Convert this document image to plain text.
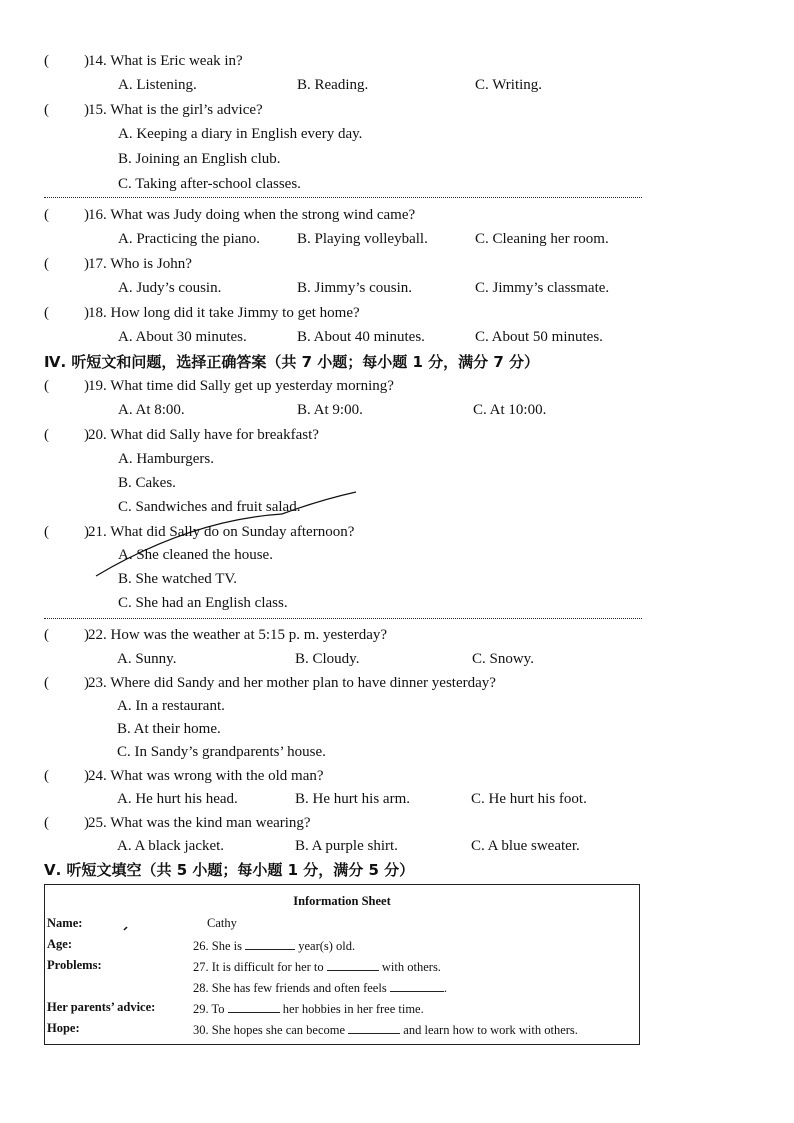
( )14. What is Eric weak in?
A. Listening.	B. Reading.	C. Writing.
( )15. What is the girl’s advice?
A. Keeping a diary in English every day.
B. Joining an English club.
C. Taking after-school classes.
( )16. What was Judy doing when the strong wind came?
A. Practicing the piano. B. Playing volleyball.	C. Cleaning her room.
( )17. Who is John?
A. Judy’s cousin.	B. Jimmy’s cousin.	C. Jimmy’s classmate.
( )18. How long did it take Jimmy to get home?
A. About 30 minutes.	B. About 40 minutes.	C. About 50 minutes.
Ⅳ. 听短文和问题，选择正确答案（共 7 小题；每小题 1 分，满分 7 分）
( )19. What time did Sally get up yesterday morning?
A. At 8:00.	B. At 9:00.	C. At 10:00.
( )20. What did Sally have for breakfast?
A. Hamburgers.
B. Cakes.
C. Sandwiches and fruit salad.
( )21. What did Sally do on Sunday afternoon?
A. She cleaned the house.
B. She watched TV.
C. She had an English class.
( )22. How was the weather at 5:15 p. m. yesterday?
A. Sunny.	B. Cloudy.	C. Snowy.
( )23. Where did Sandy and her mother plan to have dinner yesterday?
A. In a restaurant.
B. At their home.
C. In Sandy’s grandparents’ house.
( )24. What was wrong with the old man?
A. He hurt his head.	B. He hurt his arm.	C. He hurt his foot.
( )25. What was the kind man wearing?
A. A black jacket.	B. A purple shirt.	C. A blue sweater.
Ⅴ. 听短文填空（共 5 小题；每小题 1 分，满分 5 分）
Information Sheet
Name:	Cathy
Age:	26. She is	year(s) old.
Problems:	27. It is difficult for her to	with others.
28. She has few friends and often feels	.
Her parents’ advice:	29. To	her hobbies in her free time.
Hope:	30. She hopes she can become	and learn how to work with others.
